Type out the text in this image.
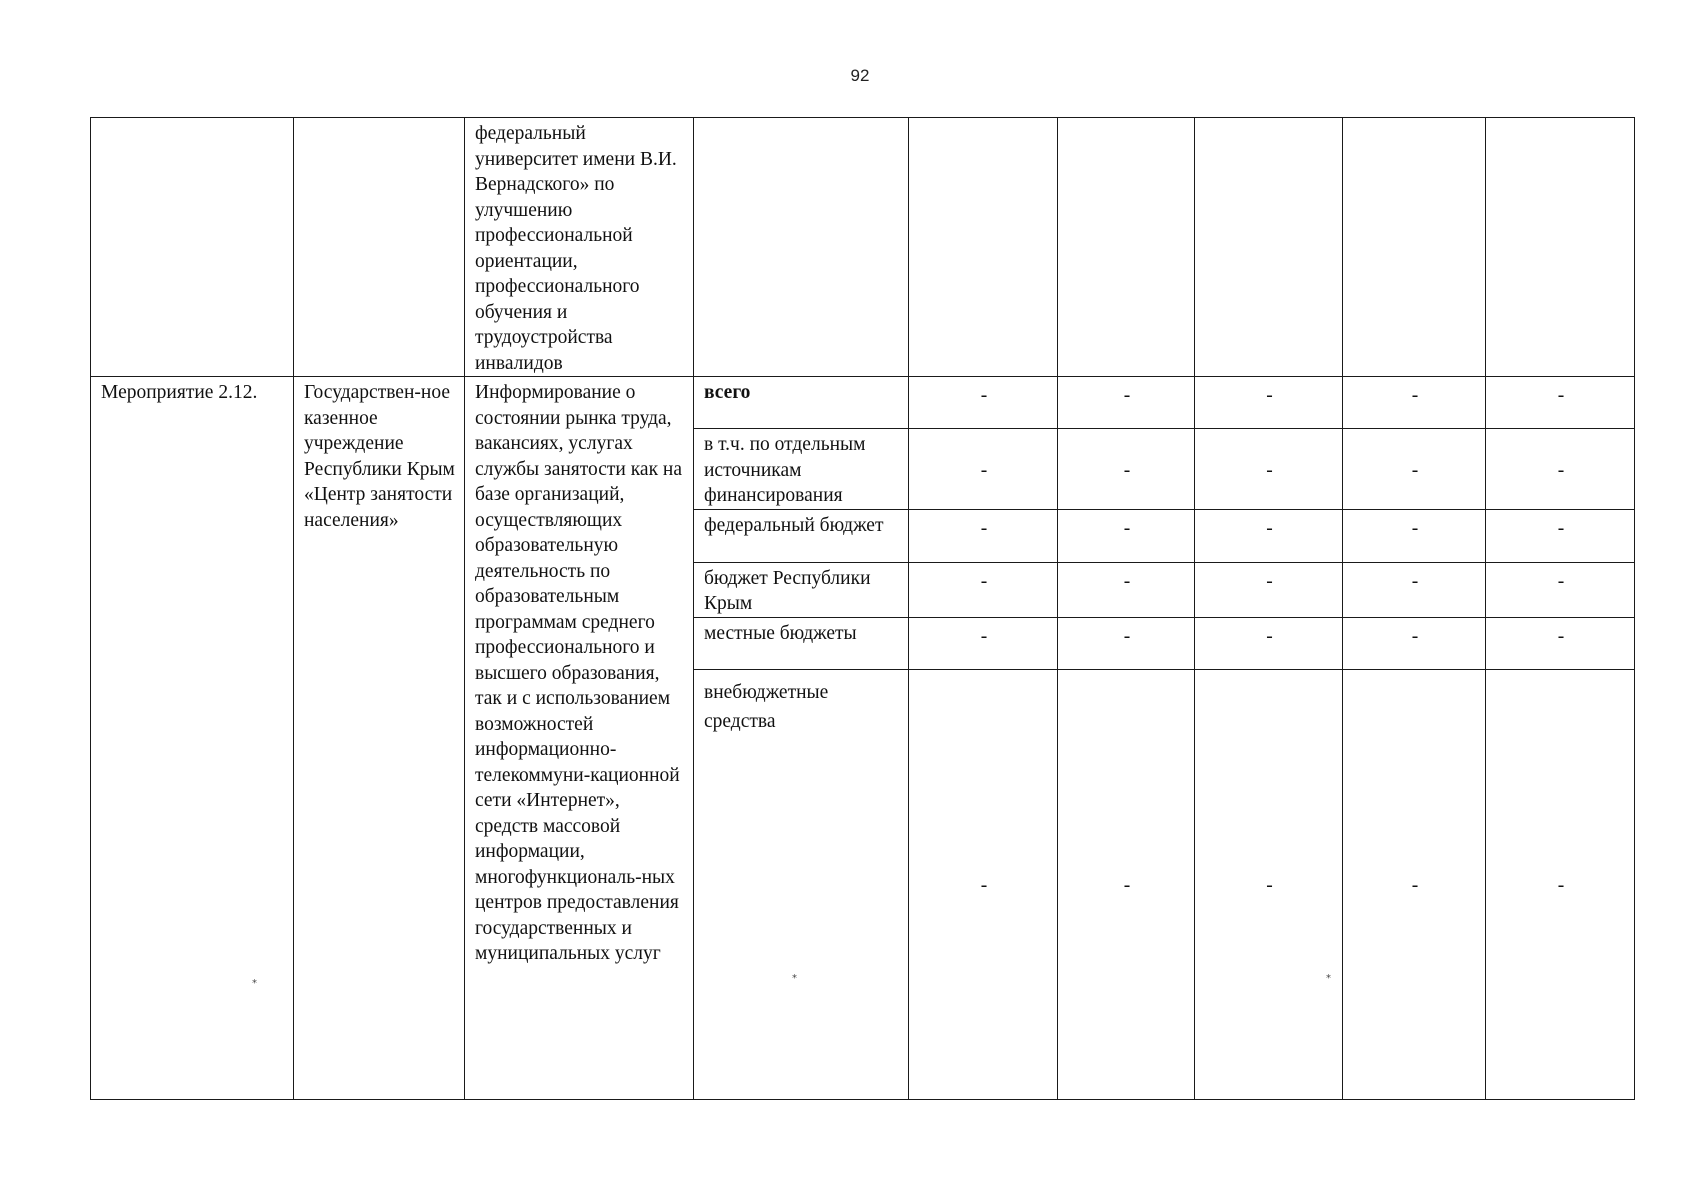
92
		федеральный университет имени В.И. Вернадского» по улучшению профессиональной ориентации, профессионального обучения и трудоустройства инвалидов						
Мероприятие 2.12.	Государствен-ное казенное учреждение Республики Крым «Центр занятости населения»	Информирование о состоянии рынка труда, вакансиях, услугах службы занятости как на базе организаций, осуществляющих образовательную деятельность по образовательным программам среднего профессионального и высшего образования, так и с использованием возможностей информационно-телекоммуни-кационной сети «Интернет», средств массовой информации, многофункциональ-ных центров предоставления государственных и муниципальных услуг	всего	-	-	-	-	-
			в т.ч. по отдельным источникам финансирования	-	-	-	-	-
			федеральный бюджет	-	-	-	-	-
			бюджет Республики Крым	-	-	-	-	-
			местные бюджеты	-	-	-	-	-
			внебюджетные средства	-	-	-	-	-
⁎	⁎	⁎
